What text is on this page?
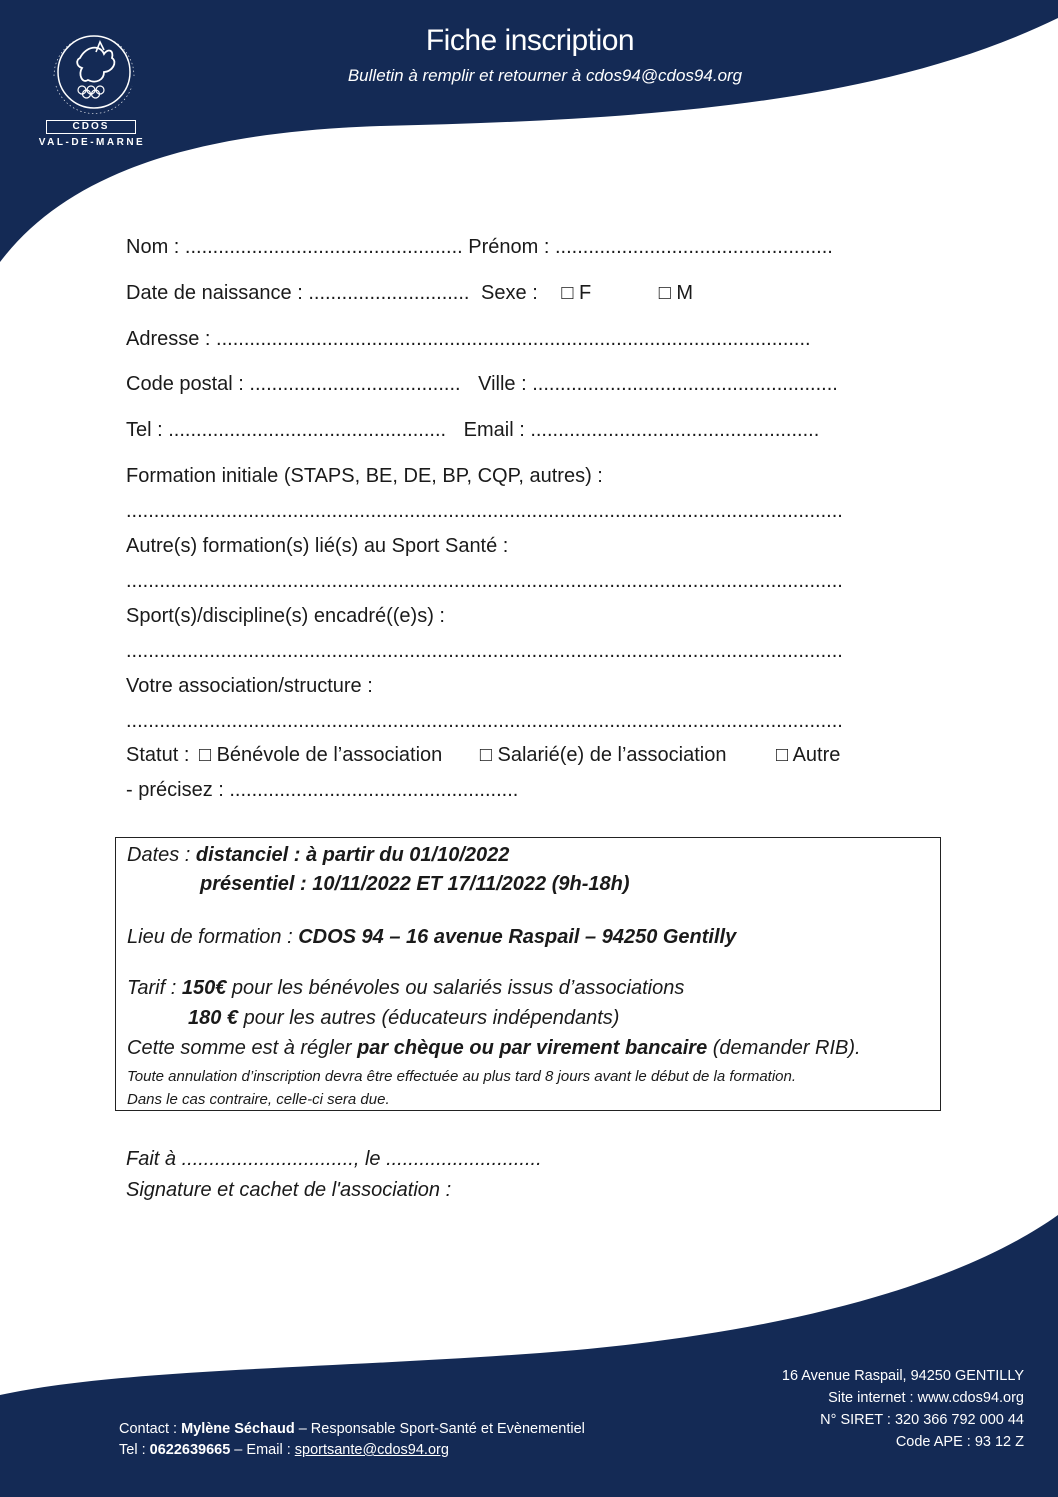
CDOS
VAL-DE-MARNE
Fiche inscription
Bulletin à remplir et retourner à cdos94@cdos94.org
Nom : .................................................. Prénom : ..................................................
Date de naissance : ............................. Sexe : □ F	□ M
Adresse : ...........................................................................................................
Code postal : ...................................... Ville : .......................................................
Tel : .................................................. Email : ....................................................
Formation initiale (STAPS, BE, DE, BP, CQP, autres) :
.................................................................................................................................
Autre(s) formation(s) lié(s) au Sport Santé :
.................................................................................................................................
Sport(s)/discipline(s) encadré((e)s) :
.................................................................................................................................
Votre association/structure :
.................................................................................................................................
Statut : □ Bénévole de l’association □ Salarié(e) de l’association □ Autre
- précisez : ....................................................
Dates : distanciel : à partir du 01/10/2022
présentiel : 10/11/2022 ET 17/11/2022 (9h-18h)
Lieu de formation : CDOS 94 – 16 avenue Raspail – 94250 Gentilly
Tarif : 150€ pour les bénévoles ou salariés issus d’associations
180 € pour les autres (éducateurs indépendants)
Cette somme est à régler par chèque ou par virement bancaire (demander RIB).
Toute annulation d’inscription devra être effectuée au plus tard 8 jours avant le début de la formation.
Dans le cas contraire, celle-ci sera due.
Fait à ..............................., le ............................
Signature et cachet de l'association :
Contact : Mylène Séchaud – Responsable Sport-Santé et Evènementiel
Tel : 0622639665 – Email : sportsante@cdos94.org
16 Avenue Raspail, 94250 GENTILLY
Site internet : www.cdos94.org
N° SIRET : 320 366 792 000 44
Code APE : 93 12 Z
